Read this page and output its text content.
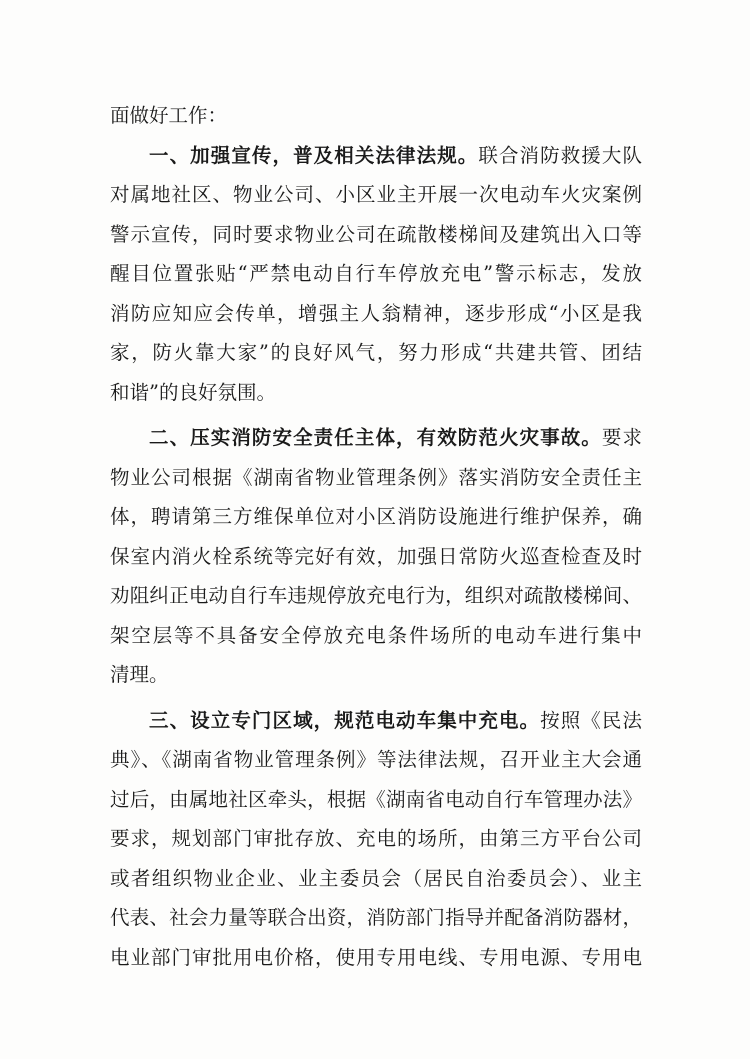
面做好工作：
一、加强宣传，普及相关法律法规。联合消防救援大队
对属地社区、物业公司、小区业主开展一次电动车火灾案例
警示宣传，同时要求物业公司在疏散楼梯间及建筑出入口等
醒目位置张贴“严禁电动自行车停放充电”警示标志，发放
消防应知应会传单，增强主人翁精神，逐步形成“小区是我
家，防火靠大家”的良好风气，努力形成“共建共管、团结
和谐”的良好氛围。
二、压实消防安全责任主体，有效防范火灾事故。要求
物业公司根据《湖南省物业管理条例》落实消防安全责任主
体，聘请第三方维保单位对小区消防设施进行维护保养，确
保室内消火栓系统等完好有效，加强日常防火巡查检查及时
劝阻纠正电动自行车违规停放充电行为，组织对疏散楼梯间、
架空层等不具备安全停放充电条件场所的电动车进行集中
清理。
三、设立专门区域，规范电动车集中充电。按照《民法
典》、《湖南省物业管理条例》等法律法规，召开业主大会通
过后，由属地社区牵头，根据《湖南省电动自行车管理办法》
要求，规划部门审批存放、充电的场所，由第三方平台公司
或者组织物业企业、业主委员会（居民自治委员会）、业主
代表、社会力量等联合出资，消防部门指导并配备消防器材，
电业部门审批用电价格，使用专用电线、专用电源、专用电
